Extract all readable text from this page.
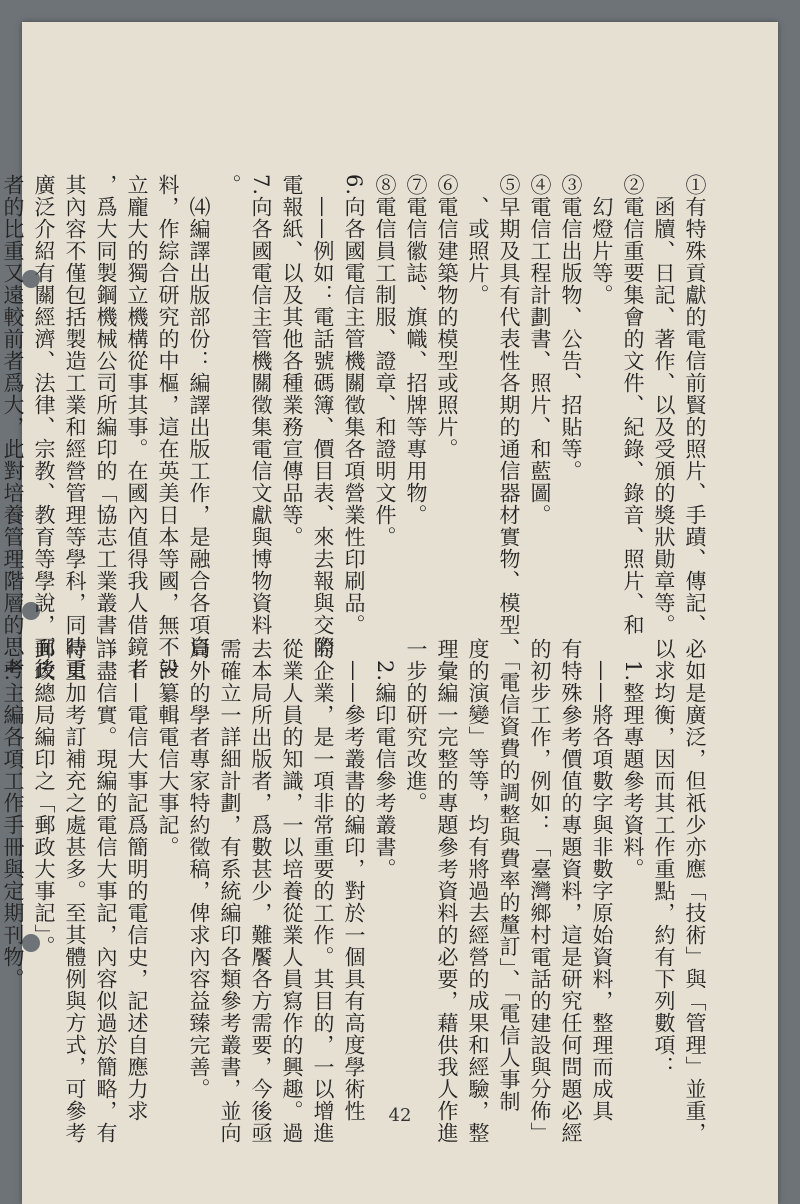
①有特殊貢獻的電信前賢的照片、手蹟、傳記、
　函牘、日記、著作、以及受頒的獎狀勛章等。
②電信重要集會的文件、紀錄、錄音、照片、和
　幻燈片等。
③電信出版物、公告、招貼等。
④電信工程計劃書、照片、和藍圖。
⑤早期及具有代表性各期的通信器材實物、模型
　、或照片。
⑥電信建築物的模型或照片。
⑦電信徽誌、旗幟、招牌等專用物。
⑧電信員工制服、證章、和證明文件。
6.向各國電信主管機關徵集各項營業性印刷品。
　——例如：電話號碼簿、價目表、來去報與交際
電報紙、以及其他各種業務宣傳品等。
7.向各國電信主管機關徵集電信文獻與博物資料
。
　⑷編譯出版部份：編譯出版工作，是融合各項資
料，作綜合研究的中樞，這在英美日本等國，無不設
立龐大的獨立機構從事其事。在國內值得我人借鏡者
，爲大同製鋼機械公司所編印的「協志工業叢書」，
其內容不僅包括製造工業和經營管理等學科，同時更
廣泛介紹有關經濟、法律、宗教、教育等學說，而後
者的比重又遠較前者爲大，此對培養管理階層的思考
必如是廣泛，但祇少亦應「技術」與「管理」並重，
以求均衡，因而其工作重點，約有下列數項：
　1.整理專題參考資料。
　——將各項數字與非數字原始資料，整理而成具
有特殊參考價值的專題資料，這是研究任何問題必經
的初步工作，例如：「臺灣鄉村電話的建設與分佈」
、「電信資費的調整與費率的釐訂」、「電信人事制
度的演變」等等，均有將過去經營的成果和經驗，整
理彙編一完整的專題參考資料的必要，藉供我人作進
一步的研究改進。
　2.編印電信參考叢書。
　——參考叢書的編印，對於一個具有高度學術性
的企業，是一項非常重要的工作。其目的，一以增進
從業人員的知識，一以培養從業人員寫作的興趣。過
去本局所出版者，爲數甚少，難饜各方需要，今後亟
需確立一詳細計劃，有系統編印各類參考叢書，並向
局外的學者專家特約徵稿，俾求內容益臻完善。
　3.纂輯電信大事記。
　——電信大事記爲簡明的電信史，記述自應力求
詳盡信實。現編的電信大事記，內容似過於簡略，有
待重加考訂補充之處甚多。至其體例與方式，可參考
郵政總局編印之「郵政大事記」。
　4.主編各項工作手冊與定期刊物。
42
